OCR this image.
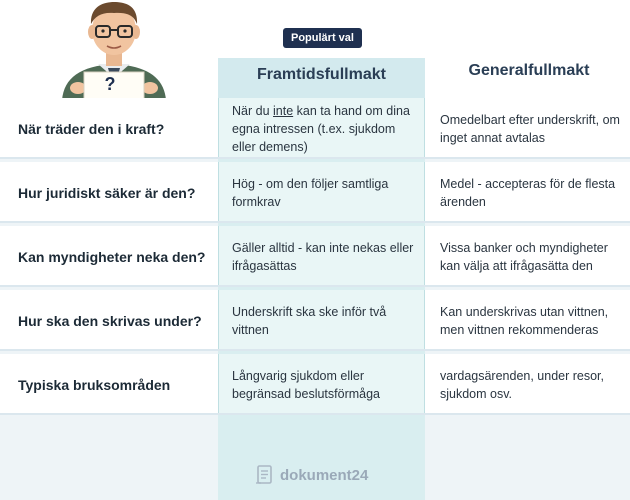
?
Populärt val
Framtidsfullmakt	Generalfullmakt
När träder den i kraft?
När du inte kan ta hand om dina egna intressen (t.ex. sjukdom eller demens)
Omedelbart efter underskrift, om inget annat avtalas
Hur juridiskt säker är den?
Hög - om den följer samtliga formkrav
Medel - accepteras för de flesta ärenden
Kan myndigheter neka den?
Gäller alltid - kan inte nekas eller ifrågasättas
Vissa banker och myndigheter kan välja att ifrågasätta den
Hur ska den skrivas under?
Underskrift ska ske inför två vittnen
Kan underskrivas utan vittnen, men vittnen rekommenderas
Typiska bruksområden
Långvarig sjukdom eller begränsad beslutsförmåga
vardagsärenden, under resor, sjukdom osv.
dokument24
